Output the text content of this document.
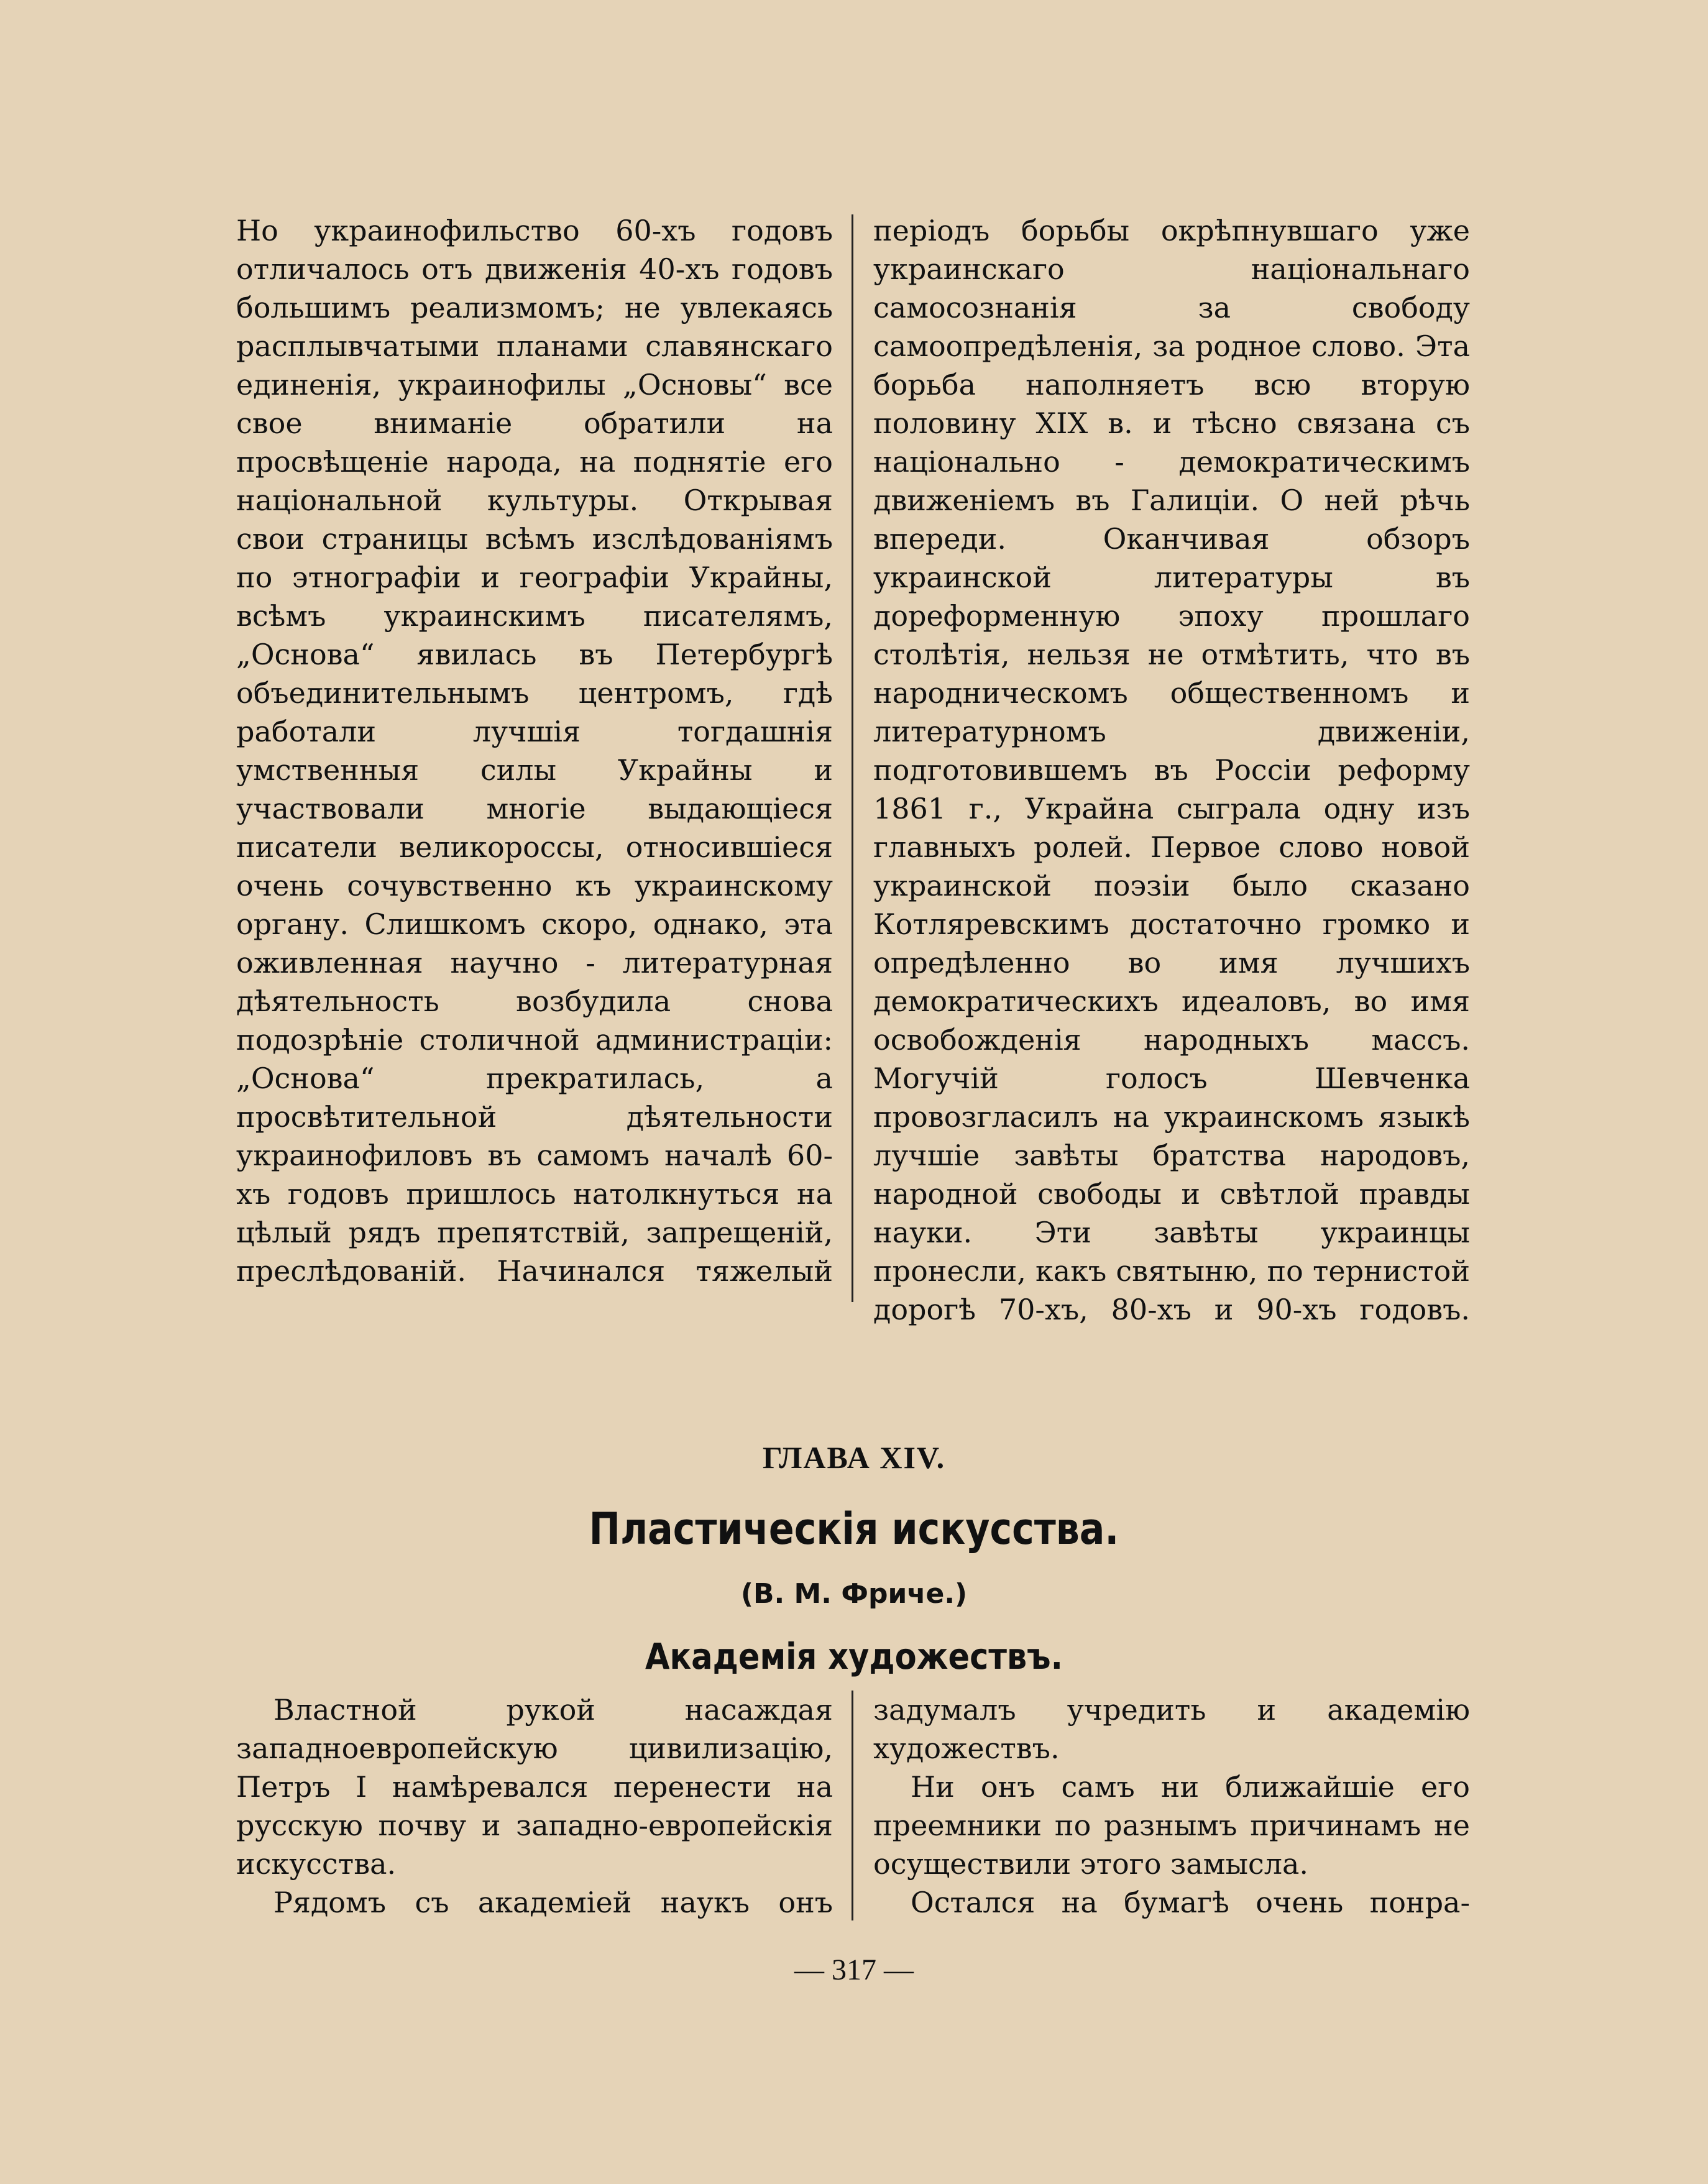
Но украинофильство 60-хъ годовъ отличалось отъ движенія 40-хъ годовъ большимъ реализмомъ; не увлекаясь расплывчатыми планами славянскаго единенія, украинофилы „Основы“ все свое вниманіе обратили на просвѣщеніе народа, на поднятіе его національной культуры. Открывая свои страницы всѣмъ изслѣдованіямъ по этнографіи и географіи Украйны, всѣмъ украинскимъ писателямъ, „Основа“ явилась въ Петербургѣ объединительнымъ центромъ, гдѣ работали лучшія тогдашнія умственныя силы Украйны и участвовали многіе выдающіеся писатели великороссы, относившіеся очень сочувственно къ украинскому органу. Слишкомъ скоро, однако, эта оживленная научно - литературная дѣятельность возбудила снова подозрѣніе столичной администраціи: „Основа“ прекратилась, а просвѣтительной дѣятельности украинофиловъ въ самомъ началѣ 60-хъ годовъ пришлось натолкнуться на цѣлый рядъ препятствій, запрещеній, преслѣдованій. Начинался тяжелый

періодъ борьбы окрѣпнувшаго уже украинскаго національнаго самосознанія за свободу самоопредѣленія, за родное слово. Эта борьба наполняетъ всю вторую половину XIX в. и тѣсно связана съ національно - демократическимъ движеніемъ въ Галиціи. О ней рѣчь впереди. Оканчивая обзоръ украинской литературы въ дореформенную эпоху прошлаго столѣтія, нельзя не отмѣтить, что въ народническомъ общественномъ и литературномъ движеніи, подготовившемъ въ Россіи реформу 1861 г., Украйна сыграла одну изъ главныхъ ролей. Первое слово новой украинской поэзіи было сказано Котляревскимъ достаточно громко и опредѣленно во имя лучшихъ демократическихъ идеаловъ, во имя освобожденія народныхъ массъ. Могучій голосъ Шевченка провозгласилъ на украинскомъ языкѣ лучшіе завѣты братства народовъ, народной свободы и свѣтлой правды науки. Эти завѣты украинцы пронесли, какъ святыню, по тернистой дорогѣ 70-хъ, 80-хъ и 90-хъ годовъ.

ГЛАВА XIV.
Пластическія искусства.
(В. М. Фриче.)
Академія художествъ.

Властной рукой насаждая западноевропейскую цивилизацію, Петръ I намѣревался перенести на русскую почву и западно-европейскія искусства.

Рядомъ съ академіей наукъ онъ

задумалъ учредить и академію художествъ.

Ни онъ самъ ни ближайшіе его преемники по разнымъ причинамъ не осуществили этого замысла.

Остался на бумагѣ очень понра-

— 317 —
